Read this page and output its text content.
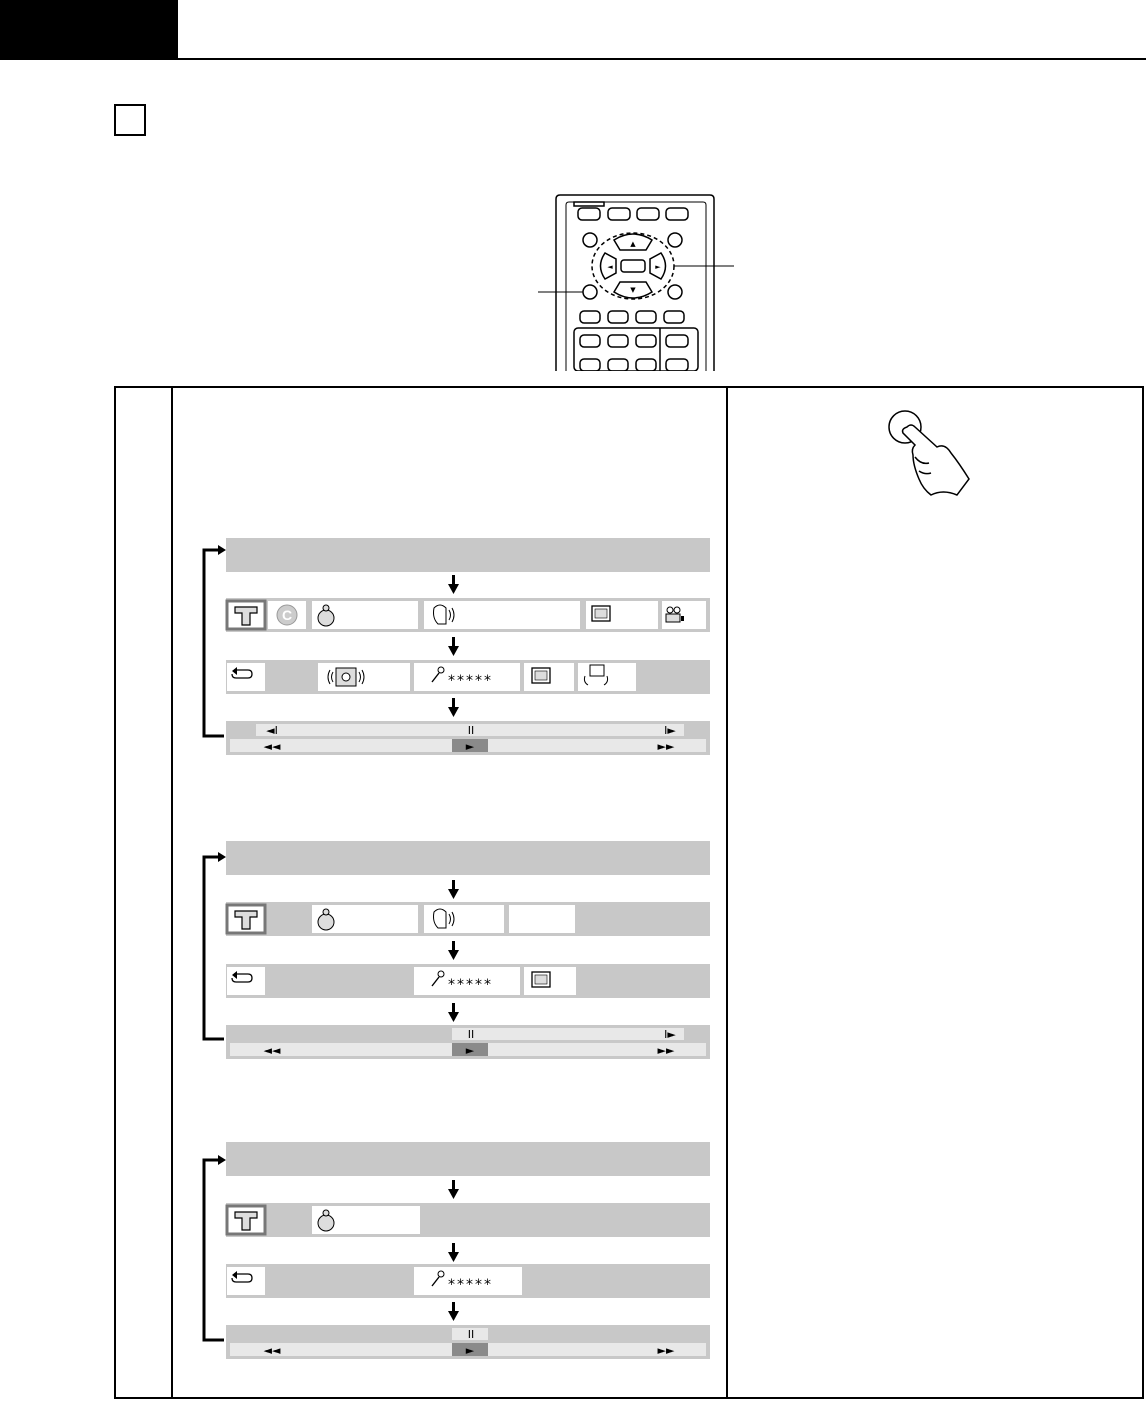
▲
▼
◄	►
C
*****
◄I	II	I►
◄◄	►	►►
*****
II	I►
◄◄	►	►►
*****
II
◄◄	►	►►
